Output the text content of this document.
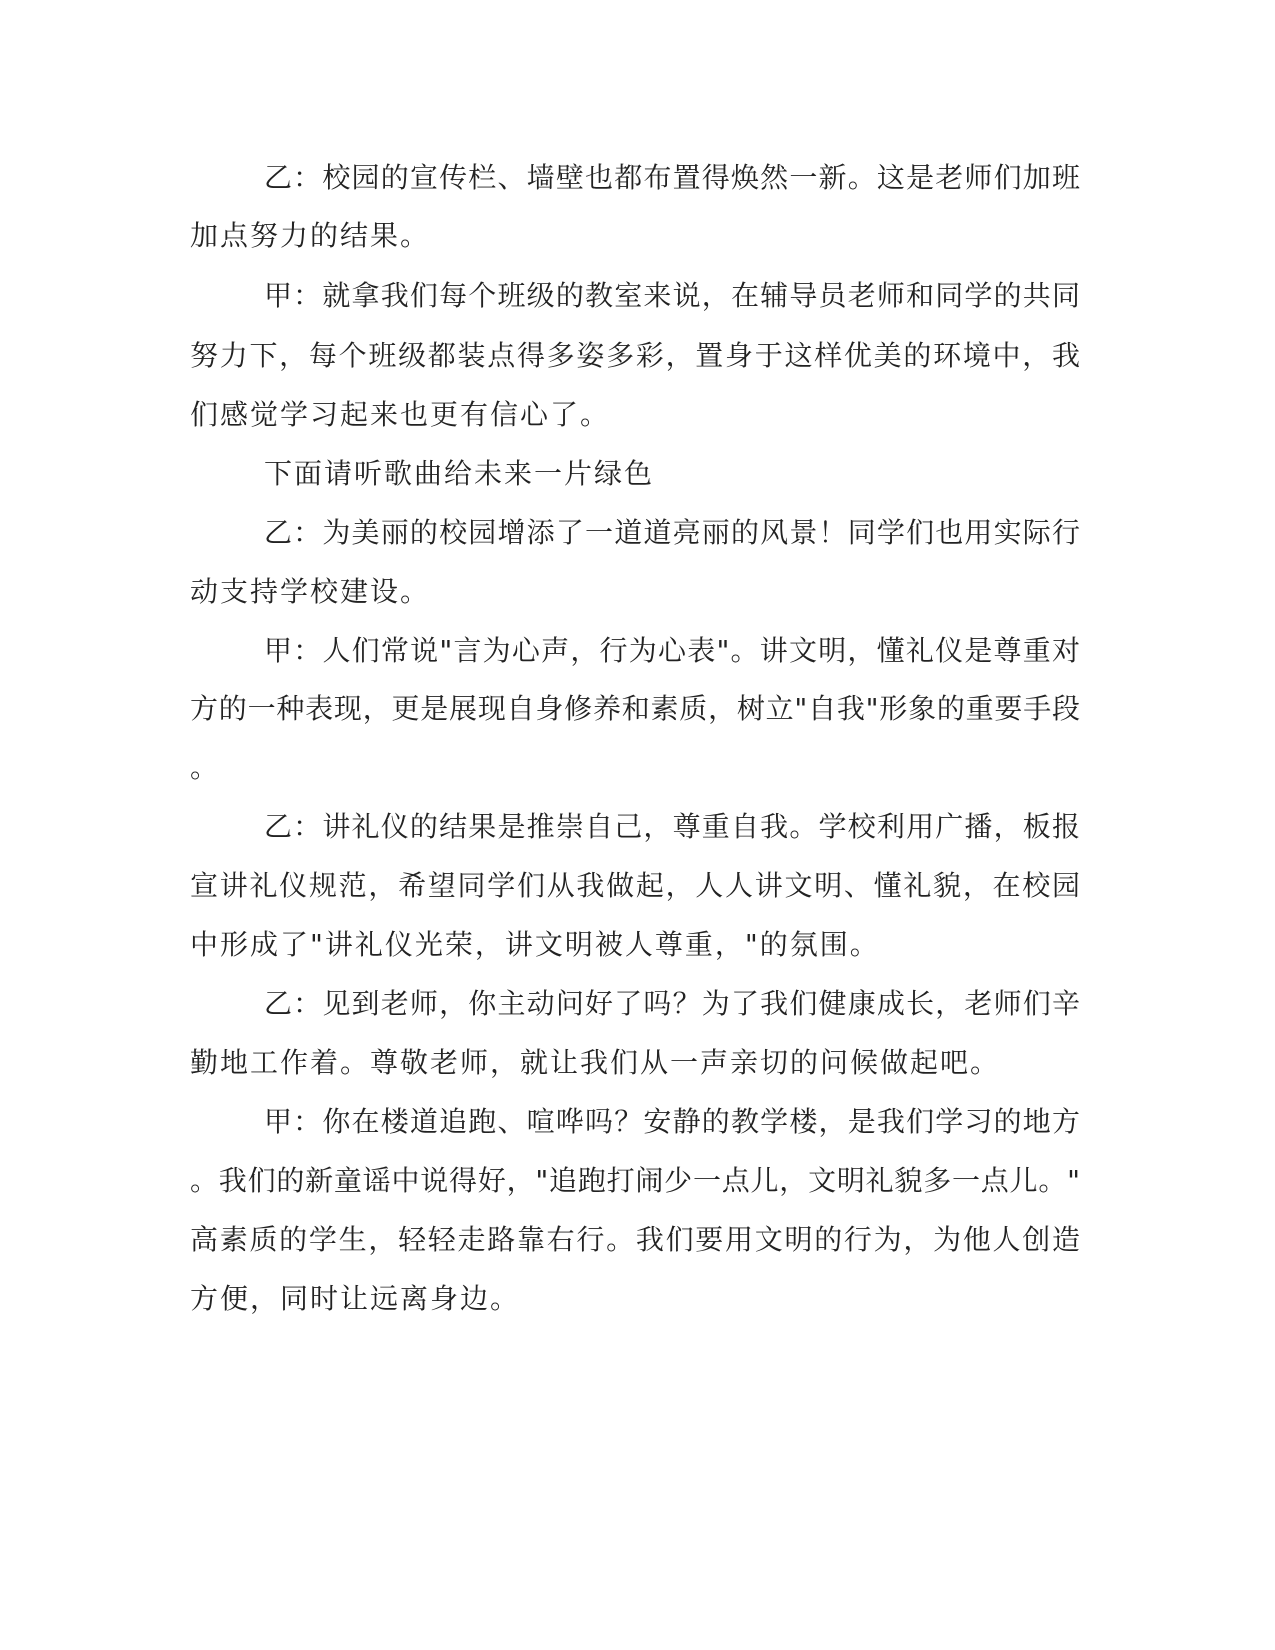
乙：校园的宣传栏、墙壁也都布置得焕然一新。这是老师们加班
加点努力的结果。
甲：就拿我们每个班级的教室来说，在辅导员老师和同学的共同
努力下，每个班级都装点得多姿多彩，置身于这样优美的环境中，我
们感觉学习起来也更有信心了。
下面请听歌曲给未来一片绿色
乙：为美丽的校园增添了一道道亮丽的风景！同学们也用实际行
动支持学校建设。
甲：人们常说"言为心声，行为心表"。讲文明，懂礼仪是尊重对
方的一种表现，更是展现自身修养和素质，树立"自我"形象的重要手段
。
乙：讲礼仪的结果是推崇自己，尊重自我。学校利用广播，板报
宣讲礼仪规范，希望同学们从我做起，人人讲文明、懂礼貌，在校园
中形成了"讲礼仪光荣，讲文明被人尊重，"的氛围。
乙：见到老师，你主动问好了吗？为了我们健康成长，老师们辛
勤地工作着。尊敬老师，就让我们从一声亲切的问候做起吧。
甲：你在楼道追跑、喧哗吗？安静的教学楼，是我们学习的地方
。我们的新童谣中说得好，"追跑打闹少一点儿，文明礼貌多一点儿。"
高素质的学生，轻轻走路靠右行。我们要用文明的行为，为他人创造
方便，同时让远离身边。
